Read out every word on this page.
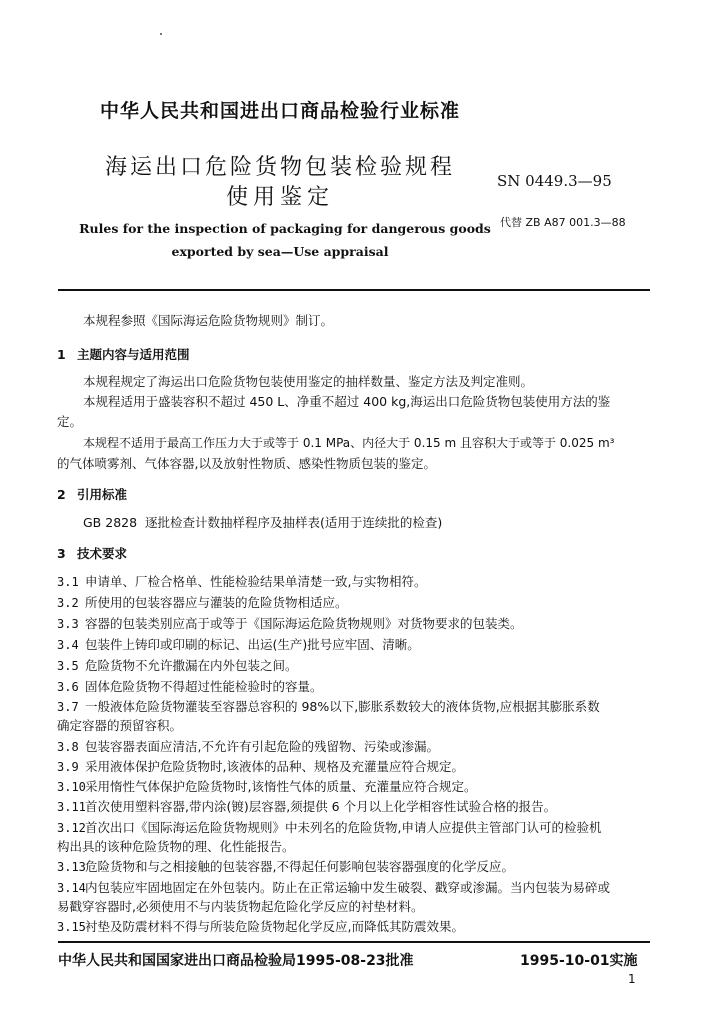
中华人民共和国进出口商品检验行业标准
海运出口危险货物包装检验规程
使用鉴定
SN 0449.3—95
代替 ZB A87 001.3—88
Rules for the inspection of packaging for dangerous goods
exported by sea—Use appraisal
本规程参照《国际海运危险货物规则》制订。
1 主题内容与适用范围
本规程规定了海运出口危险货物包装使用鉴定的抽样数量、鉴定方法及判定准则。
本规程适用于盛装容积不超过 450 L、净重不超过 400 kg,海运出口危险货物包装使用方法的鉴
定。
本规程不适用于最高工作压力大于或等于 0.1 MPa、内径大于 0.15 m 且容积大于或等于 0.025 m³
的气体喷雾剂、气体容器,以及放射性物质、感染性物质包装的鉴定。
2 引用标准
GB 2828 逐批检查计数抽样程序及抽样表(适用于连续批的检查)
3 技术要求
3.1 申请单、厂检合格单、性能检验结果单清楚一致,与实物相符。
3.2 所使用的包装容器应与灌装的危险货物相适应。
3.3 容器的包装类别应高于或等于《国际海运危险货物规则》对货物要求的包装类。
3.4 包装件上铸印或印刷的标记、出运(生产)批号应牢固、清晰。
3.5 危险货物不允许撒漏在内外包装之间。
3.6 固体危险货物不得超过性能检验时的容量。
3.7 一般液体危险货物灌装至容器总容积的 98%以下,膨胀系数较大的液体货物,应根据其膨胀系数
确定容器的预留容积。
3.8 包装容器表面应清洁,不允许有引起危险的残留物、污染或渗漏。
3.9 采用液体保护危险货物时,该液体的品种、规格及充灌量应符合规定。
3.10采用惰性气体保护危险货物时,该惰性气体的质量、充灌量应符合规定。
3.11首次使用塑料容器,带内涂(镀)层容器,须提供 6 个月以上化学相容性试验合格的报告。
3.12首次出口《国际海运危险货物规则》中未列名的危险货物,申请人应提供主管部门认可的检验机
构出具的该种危险货物的理、化性能报告。
3.13危险货物和与之相接触的包装容器,不得起任何影响包装容器强度的化学反应。
3.14内包装应牢固地固定在外包装内。防止在正常运输中发生破裂、戳穿或渗漏。当内包装为易碎或
易戳穿容器时,必须使用不与内装货物起危险化学反应的衬垫材料。
3.15衬垫及防震材料不得与所装危险货物起化学反应,而降低其防震效果。
中华人民共和国国家进出口商品检验局1995-08-23批准	1995-10-01实施
1
